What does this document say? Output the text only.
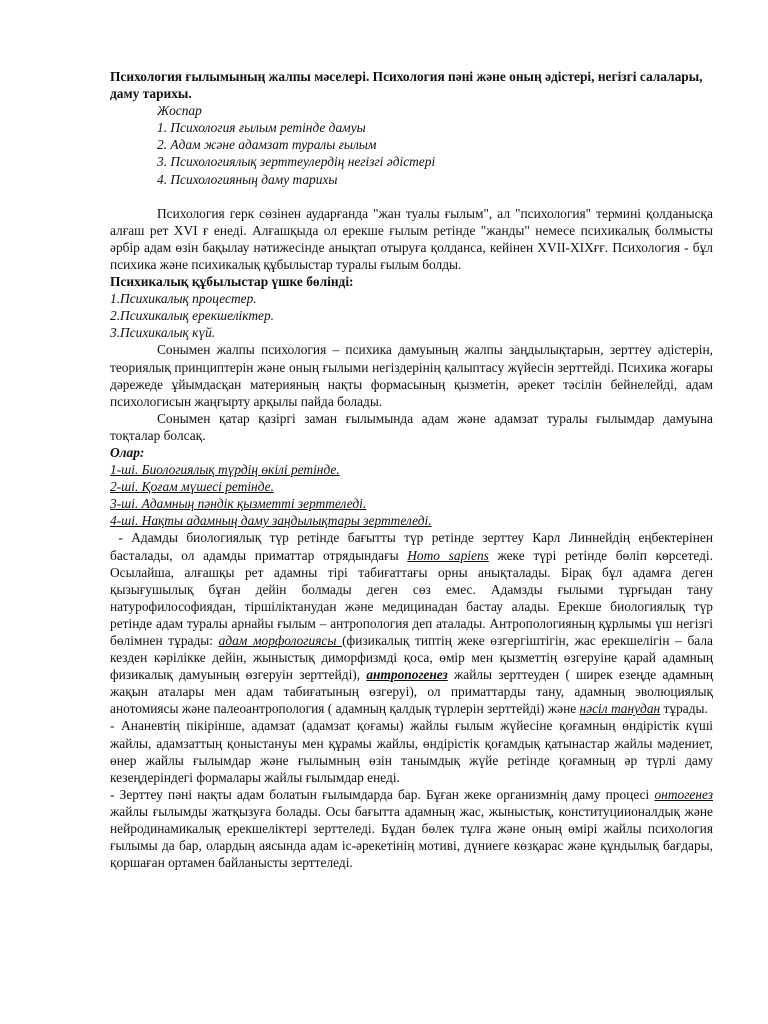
Психология ғылымының жалпы мәселері. Психология пәні және оның әдістері, негізгі салалары, даму тарихы.

Жоспар

1. Психология ғылым ретінде дамуы

2. Адам және адамзат туралы ғылым

3. Психологиялық зерттеулердің негізгі әдістері

4. Психологияның даму тарихы

Психология герк сөзінен аударғанда "жан туалы ғылым", ал "психология" термині қолданысқа алғаш рет XVI ғ енеді. Алғашқыда ол ерекше ғылым ретінде "жанды" немесе психикалық болмысты әрбір адам өзін бақылау нәтижесінде анықтап отыруға қолданса, кейінен XVII-XIXғғ. Психология - бұл психика және психикалық құбылыстар туралы ғылым болды.

Психикалық құбылыстар үшке бөлінді:

1.Психикалық процестер.

2.Психикалық ерекшеліктер.

3.Психикалық күй.

Сонымен жалпы психология – психика дамуының жалпы заңдылықтарын, зерттеу әдістерін, теориялық принциптерін және оның ғылыми негіздерінің қалыптасу жүйесін зерттейді. Психика жоғары дәрежеде ұйымдасқан материяның нақты формасының қызметін, әрекет тәсілін бейнелейді, адам психологисын жаңғырту арқылы пайда болады.

Сонымен қатар қазіргі заман ғылымында адам және адамзат туралы ғылымдар дамуына тоқталар болсақ.

Олар:

1-ші. Биологиялық түрдің өкілі ретінде.

2-ші. Қоғам мүшесі ретінде.

3-ші. Адамның пәндік қызметті зерттеледі.

4-ші. Нақты адамның даму заңдылықтары зерттеледі.

- Адамды биологиялық түр ретінде бағытты түр ретінде зерттеу Карл Линнейдің еңбектерінен басталады, ол адамды приматтар отрядындағы Homo sapiens жеке түрі ретінде бөліп көрсетеді. Осылайша, алғашқы рет адамны тірі табиғаттағы орны анықталады. Бірақ бұл адамға деген қызығушылық бұған дейін болмады деген сөз емес. Адамзды ғылыми тұрғыдан тану натурофилософиядан, тіршіліктанудан және медицинадан бастау алады. Ерекше биологиялық түр ретінде адам туралы арнайы ғылым – антропология деп аталады. Антропологияның құрлымы үш негізгі бөлімнен тұрады: адам морфологиясы (физикалық типтің жеке өзгергіштігін, жас ерекшелігін – бала кезден кәрілікке дейін, жыныстық диморфизмді қоса, өмір мен қызметтің өзгеруіне қарай адамның физикалық дамуының өзгеруін зерттейді), антропогенез жайлы зерттеуден ( ширек езеңде адамның жақын аталары мен адам табиғатының өзгеруі), ол приматтарды тану, адамның эволюциялық анотомиясы және палеоантропология ( адамның қалдық түрлерін зерттейді) және нәсіл танудан тұрады.

- Ананевтің пікірінше, адамзат (адамзат қоғамы) жайлы ғылым жүйесіне қоғамның өндірістік күші жайлы, адамзаттың қоныстануы мен құрамы жайлы, өндірістік қоғамдық қатынастар жайлы мәдениет, өнер жайлы ғылымдар және ғылымның өзін танымдық жүйе ретінде қоғамның әр түрлі даму кезеңдеріндегі формалары жайлы ғылымдар енеді.

- Зерттеу пәні нақты адам болатын ғылымдарда бар. Бұған жеке организмнің даму процесі онтогенез жайлы ғылымды жатқызуға болады. Осы бағытта адамның жас, жыныстық, конституциионалдық және нейродинамикалық ерекшеліктері зерттеледі. Бұдан бөлек тұлға және оның өмірі жайлы психология ғылымы да бар, олардың аясында адам іс-әрекетінің мотиві, дүниеге көзқарас және құндылық бағдары, қоршаған ортамен байланысты зерттеледі.
